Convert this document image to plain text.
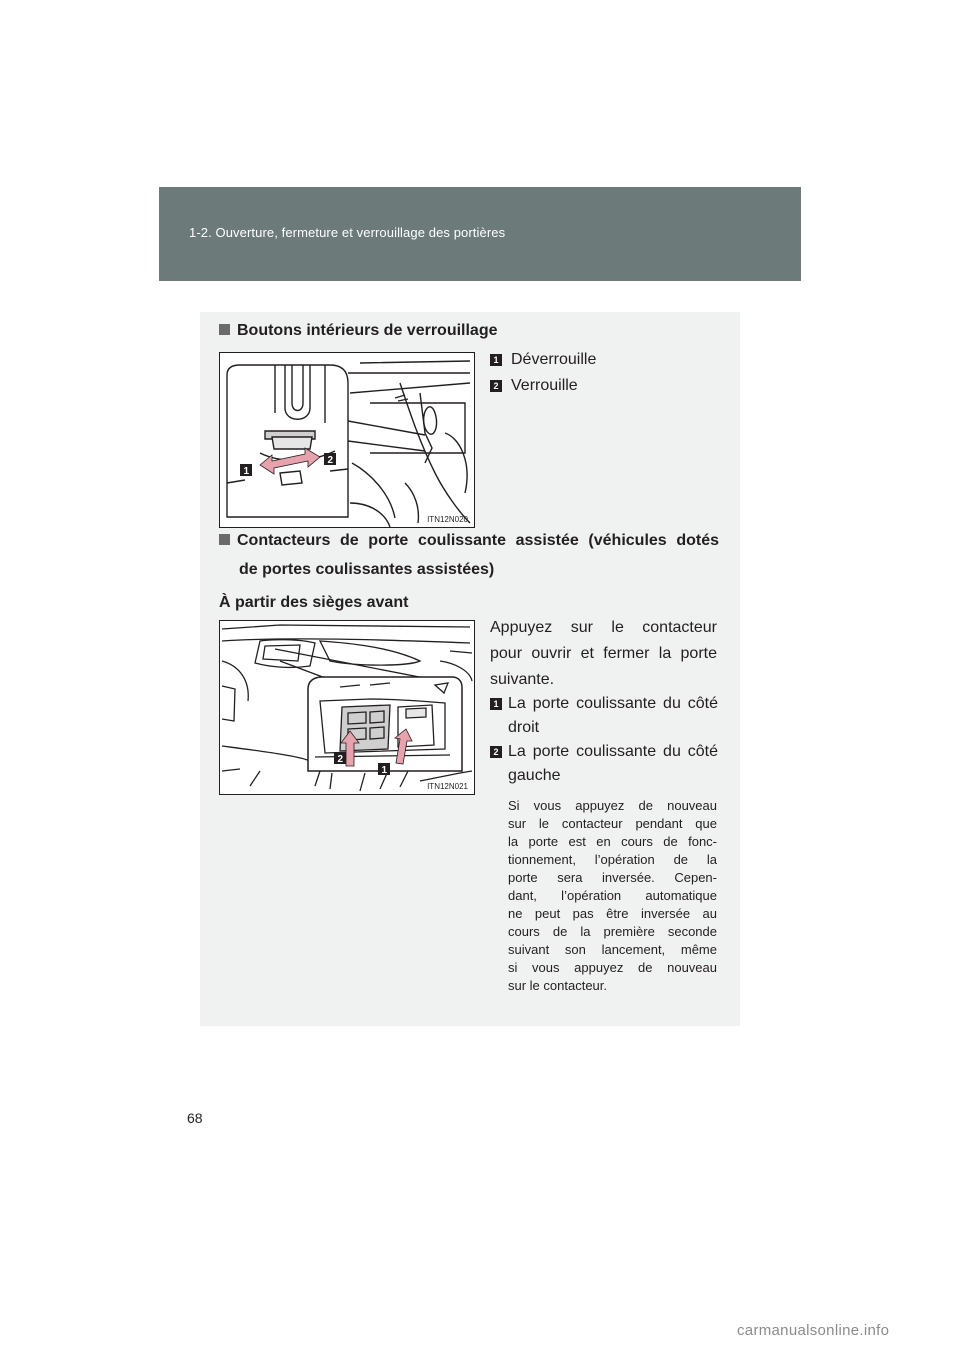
1-2. Ouverture, fermeture et verrouillage des portières
Boutons intérieurs de verrouillage
1
2
ITN12N020
1 Déverrouille
2 Verrouille
Contacteurs de porte coulissante assistée (véhicules dotés
de portes coulissantes assistées)
À partir des sièges avant
2
1
ITN12N021
Appuyez sur le contacteur
pour ouvrir et fermer la porte
suivante.
1 La porte coulissante du côté
droit
2 La porte coulissante du côté
gauche
Si vous appuyez de nouveau
sur le contacteur pendant que
la porte est en cours de fonc-
tionnement, l’opération de la
porte sera inversée. Cepen-
dant, l’opération automatique
ne peut pas être inversée au
cours de la première seconde
suivant son lancement, même
si vous appuyez de nouveau
sur le contacteur.
68
carmanualsonline.info
